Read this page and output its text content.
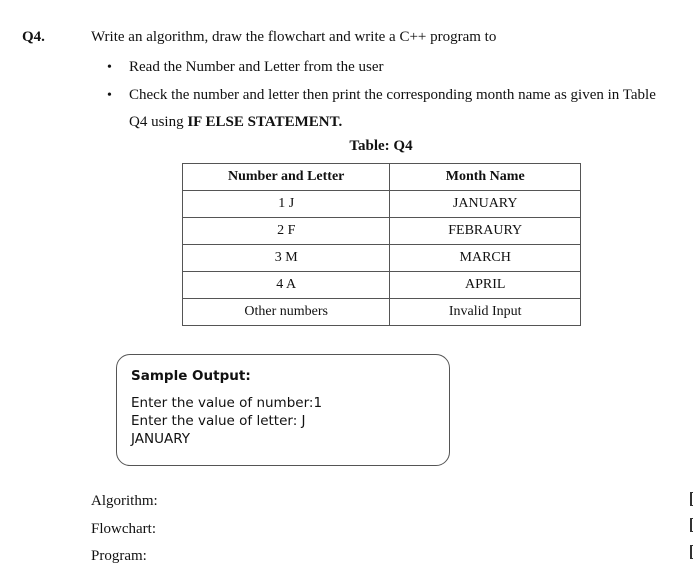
Q4.	Write an algorithm, draw the flowchart and write a C++ program to
•	Read the Number and Letter from the user
•	Check the number and letter then print the corresponding month name as given in Table Q4 using IF ELSE STATEMENT.
Table: Q4
Number and Letter	Month Name
1 J	JANUARY
2 F	FEBRAURY
3 M	MARCH
4 A	APRIL
Other numbers	Invalid Input
Sample Output:
Enter the value of number:1
Enter the value of letter: J
JANUARY
Algorithm:
Flowchart:
Program:
